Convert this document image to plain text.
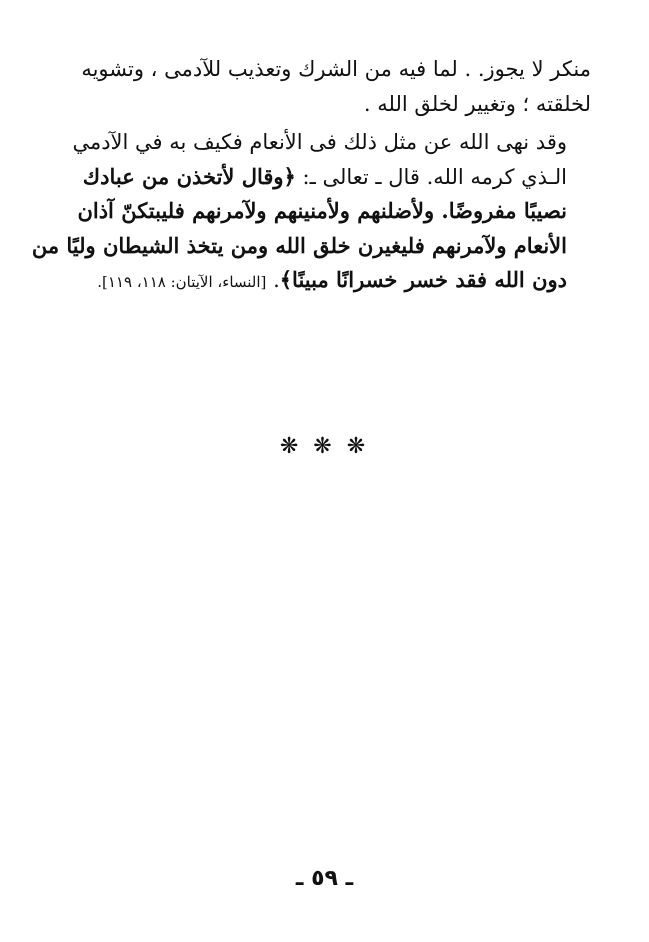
منكر لا يجوز. . لما فيه من الشرك وتعذيب للآدمى ، وتشويه
لخلقته ؛ وتغيير لخلق الله .

وقد نهى الله عن مثل ذلك فى الأنعام فكيف به في الآدمي
الـذي كرمه الله. قال ـ تعالى ـ: ﴿وقال لأتخذن من عبادك
نصيبًا مفروضًا. ولأضلنهم ولأمنينهم ولآمرنهم فليبتكنّ آذان
الأنعام ولآمرنهم فليغيرن خلق الله ومن يتخذ الشيطان وليًا من
دون الله فقد خسر خسرانًا مبينًا﴾. [النساء، الآيتان: ١١٨، ١١٩].

❋ ❋ ❋
ـ ٥٩ ـ
